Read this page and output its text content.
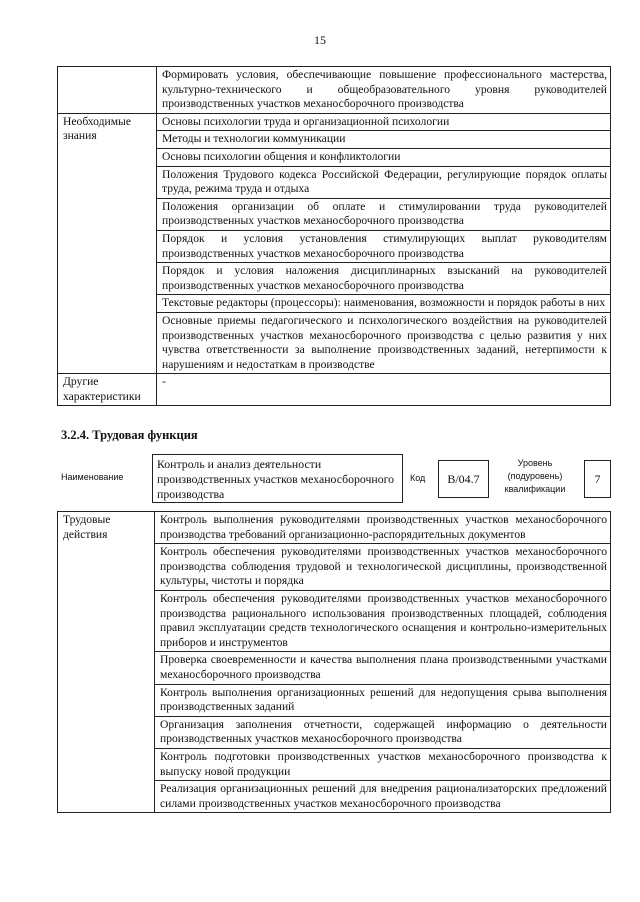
15
	Формировать условия, обеспечивающие повышение профессионального мастерства, культурно-технического и общеобразовательного уровня руководителей производственных участков механосборочного производства
Необходимые знания	Основы психологии труда и организационной психологии
	Методы и технологии коммуникации
	Основы психологии общения и конфликтологии
	Положения Трудового кодекса Российской Федерации, регулирующие порядок оплаты труда, режима труда и отдыха
	Положения организации об оплате и стимулировании труда руководителей производственных участков механосборочного производства
	Порядок и условия установления стимулирующих выплат руководителям производственных участков механосборочного производства
	Порядок и условия наложения дисциплинарных взысканий на руководителей производственных участков механосборочного производства
	Текстовые редакторы (процессоры): наименования, возможности и порядок работы в них
	Основные приемы педагогического и психологического воздействия на руководителей производственных участков механосборочного производства с целью развития у них чувства ответственности за выполнение производственных заданий, нетерпимости к нарушениям и недостаткам в производстве
Другие характеристики	-
3.2.4. Трудовая функция
Наименование
Контроль и анализ деятельности производственных участков механосборочного производства
Код	B/04.7
Уровень (подуровень) квалификации
7
Трудовые действия	Контроль выполнения руководителями производственных участков механосборочного производства требований организационно-распорядительных документов
Контроль обеспечения руководителями производственных участков механосборочного производства соблюдения трудовой и технологической дисциплины, производственной культуры, чистоты и порядка
Контроль обеспечения руководителями производственных участков механосборочного производства рационального использования производственных площадей, соблюдения правил эксплуатации средств технологического оснащения и контрольно-измерительных приборов и инструментов
Проверка своевременности и качества выполнения плана производственными участками механосборочного производства
Контроль выполнения организационных решений для недопущения срыва выполнения производственных заданий
Организация заполнения отчетности, содержащей информацию о деятельности производственных участков механосборочного производства
Контроль подготовки производственных участков механосборочного производства к выпуску новой продукции
Реализация организационных решений для внедрения рационализаторских предложений силами производственных участков механосборочного производства
